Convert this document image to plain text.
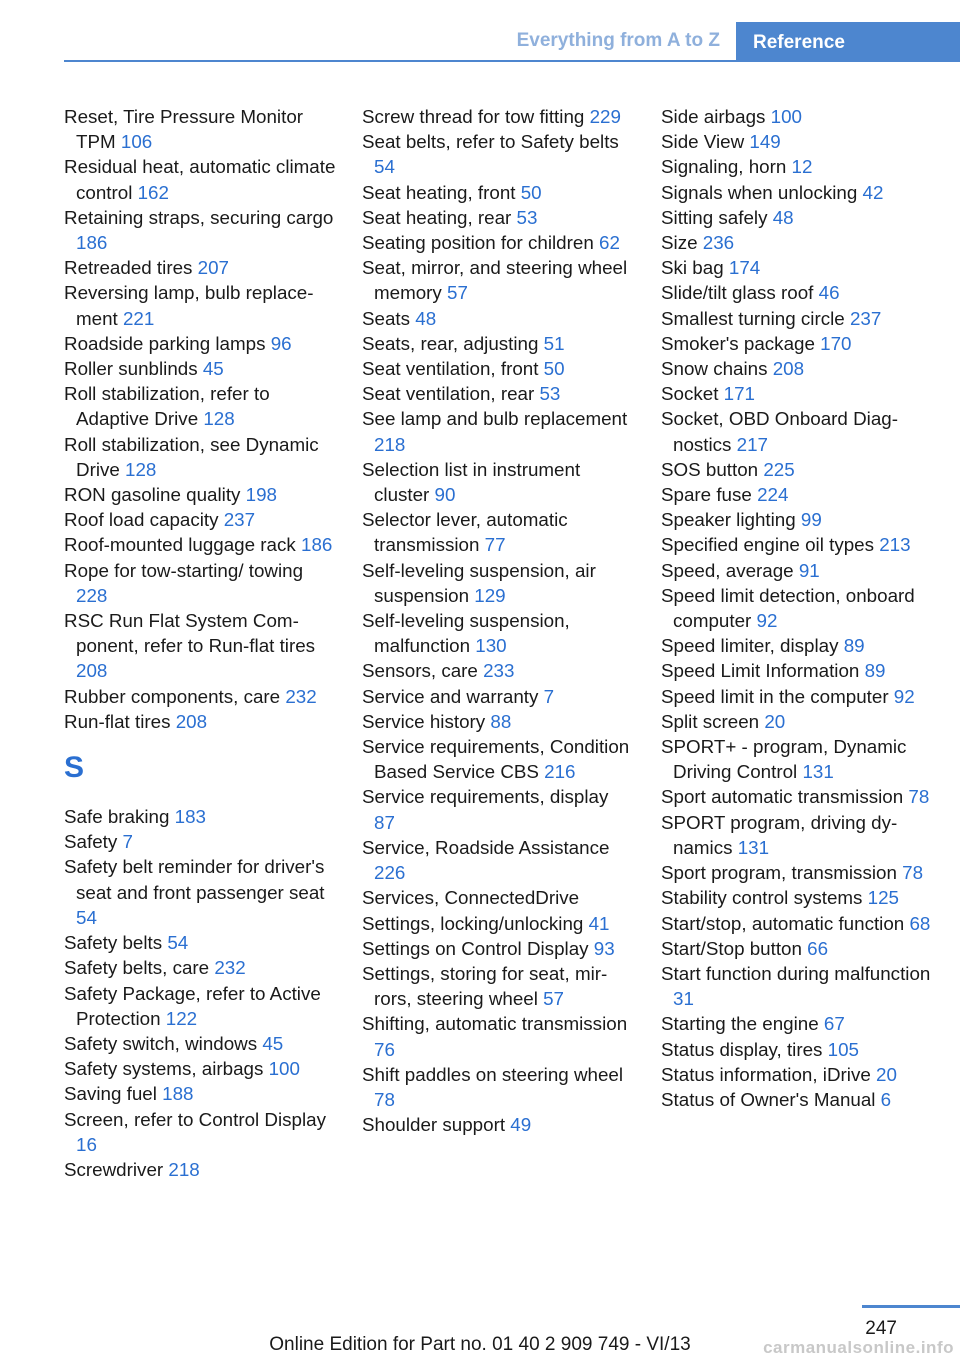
Everything from A to Z	Reference
Reset, Tire Pressure Monitor TPM 106
Residual heat, automatic climate control 162
Retaining straps, securing cargo 186
Retreaded tires 207
Reversing lamp, bulb replacement 221
Roadside parking lamps 96
Roller sunblinds 45
Roll stabilization, refer to Adaptive Drive 128
Roll stabilization, see Dynamic Drive 128
RON gasoline quality 198
Roof load capacity 237
Roof-mounted luggage rack 186
Rope for tow-starting/ towing 228
RSC Run Flat System Component, refer to Run-flat tires 208
Rubber components, care 232
Run-flat tires 208
S
Safe braking 183
Safety 7
Safety belt reminder for driver's seat and front passenger seat 54
Safety belts 54
Safety belts, care 232
Safety Package, refer to Active Protection 122
Safety switch, windows 45
Safety systems, airbags 100
Saving fuel 188
Screen, refer to Control Display 16
Screwdriver 218
Screw thread for tow fitting 229
Seat belts, refer to Safety belts 54
Seat heating, front 50
Seat heating, rear 53
Seating position for children 62
Seat, mirror, and steering wheel memory 57
Seats 48
Seats, rear, adjusting 51
Seat ventilation, front 50
Seat ventilation, rear 53
See lamp and bulb replacement 218
Selection list in instrument cluster 90
Selector lever, automatic transmission 77
Self-leveling suspension, air suspension 129
Self-leveling suspension, malfunction 130
Sensors, care 233
Service and warranty 7
Service history 88
Service requirements, Condition Based Service CBS 216
Service requirements, display 87
Service, Roadside Assistance 226
Services, ConnectedDrive
Settings, locking/unlocking 41
Settings on Control Display 93
Settings, storing for seat, mirrors, steering wheel 57
Shifting, automatic transmission 76
Shift paddles on steering wheel 78
Shoulder support 49
Side airbags 100
Side View 149
Signaling, horn 12
Signals when unlocking 42
Sitting safely 48
Size 236
Ski bag 174
Slide/tilt glass roof 46
Smallest turning circle 237
Smoker's package 170
Snow chains 208
Socket 171
Socket, OBD Onboard Diagnostics 217
SOS button 225
Spare fuse 224
Speaker lighting 99
Specified engine oil types 213
Speed, average 91
Speed limit detection, onboard computer 92
Speed limiter, display 89
Speed Limit Information 89
Speed limit in the computer 92
Split screen 20
SPORT+ - program, Dynamic Driving Control 131
Sport automatic transmission 78
SPORT program, driving dynamics 131
Sport program, transmission 78
Stability control systems 125
Start/stop, automatic function 68
Start/Stop button 66
Start function during malfunction 31
Starting the engine 67
Status display, tires 105
Status information, iDrive 20
Status of Owner's Manual 6
247
Online Edition for Part no. 01 40 2 909 749 - VI/13	carmanualsonline.info
